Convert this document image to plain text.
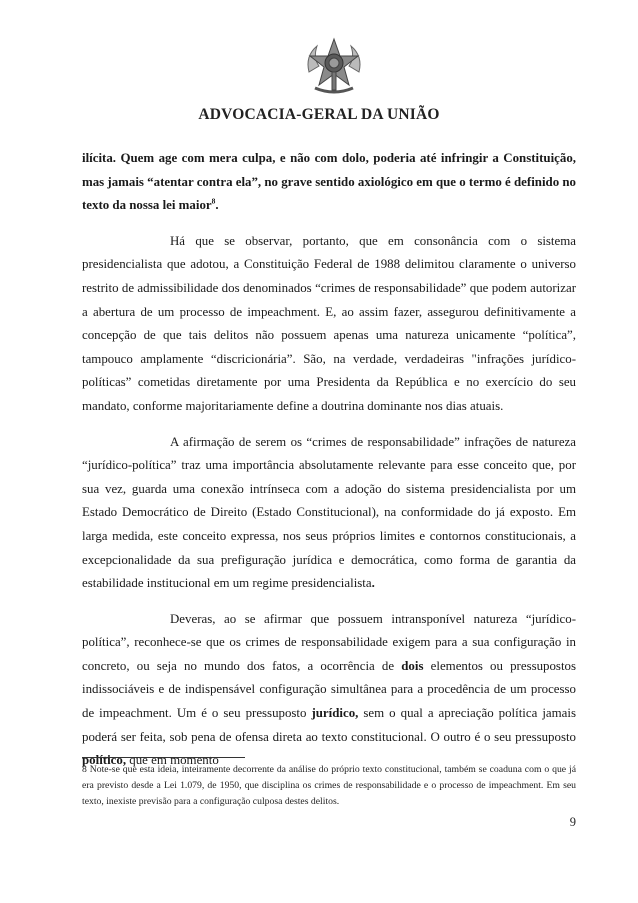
ADVOCACIA-GERAL DA UNIÃO

ilícita. Quem age com mera culpa, e não com dolo, poderia até infringir a Constituição, mas jamais “atentar contra ela”, no grave sentido axiológico em que o termo é definido no texto da nossa lei maior$^8$.

Há que se observar, portanto, que em consonância com o sistema presidencialista que adotou, a Constituição Federal de 1988 delimitou claramente o universo restrito de admissibilidade dos denominados “crimes de responsabilidade” que podem autorizar a abertura de um processo de impeachment. E, ao assim fazer, assegurou definitivamente a concepção de que tais delitos não possuem apenas uma natureza unicamente “política”, tampouco amplamente “discricionária”. São, na verdade, verdadeiras "infrações jurídico-políticas” cometidas diretamente por uma Presidenta da República e no exercício do seu mandato, conforme majoritariamente define a doutrina dominante nos dias atuais.

A afirmação de serem os “crimes de responsabilidade” infrações de natureza “jurídico-política” traz uma importância absolutamente relevante para esse conceito que, por sua vez, guarda uma conexão intrínseca com a adoção do sistema presidencialista por um Estado Democrático de Direito (Estado Constitucional), na conformidade do já exposto. Em larga medida, este conceito expressa, nos seus próprios limites e contornos constitucionais, a excepcionalidade da sua prefiguração jurídica e democrática, como forma de garantia da estabilidade institucional em um regime presidencialista.

Deveras, ao se afirmar que possuem intransponível natureza “jurídico-política”, reconhece-se que os crimes de responsabilidade exigem para a sua configuração in concreto, ou seja no mundo dos fatos, a ocorrência de dois elementos ou pressupostos indissociáveis e de indispensável configuração simultânea para a procedência de um processo de impeachment. Um é o seu pressuposto jurídico, sem o qual a apreciação política jamais poderá ser feita, sob pena de ofensa direta ao texto constitucional. O outro é o seu pressuposto político, que em momento

8 Note-se que esta ideia, inteiramente decorrente da análise do próprio texto constitucional, também se coaduna com o que já era previsto desde a Lei 1.079, de 1950, que disciplina os crimes de responsabilidade e o processo de impeachment. Em seu texto, inexiste previsão para a configuração culposa destes delitos.
9
